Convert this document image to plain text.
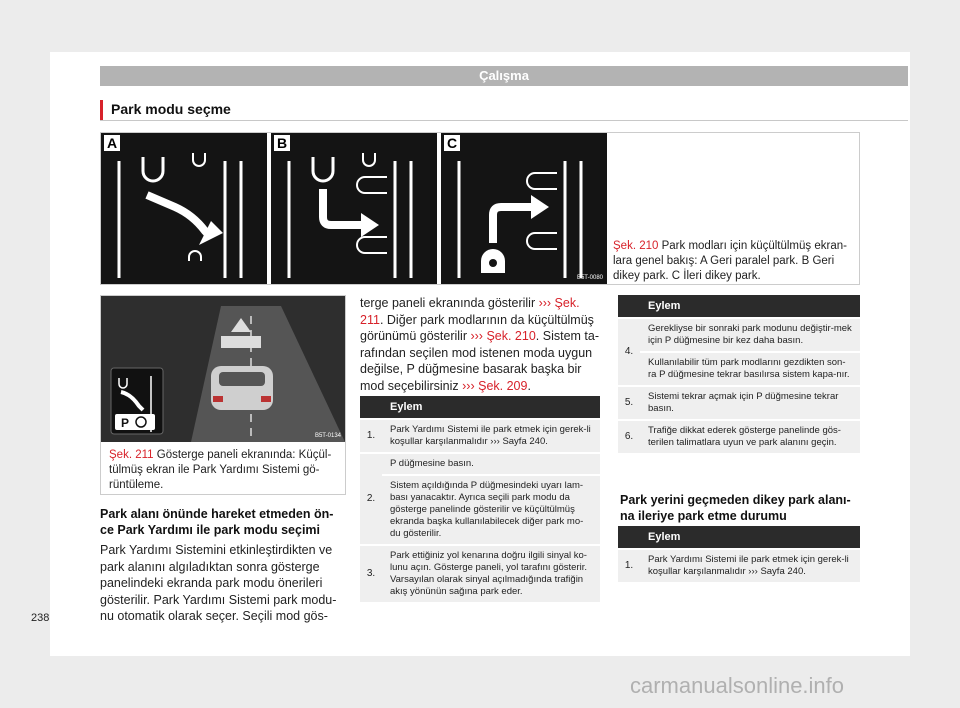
Çalışma
Park modu seçme
A	B	C
B5T-0080
Şek. 210 Park modları için küçültülmüş ekran-lara genel bakış: A Geri paralel park. B Geri dikey park. C İleri dikey park.
P
B5T-0134
Şek. 211 Gösterge paneli ekranında: Küçül-tülmüş ekran ile Park Yardımı Sistemi gö-rüntüleme.
Park alanı önünde hareket etmeden ön-ce Park Yardımı ile park modu seçimi
Park Yardımı Sistemini etkinleştirdikten ve park alanını algıladıktan sonra gösterge panelindeki ekranda park modu önerileri gösterilir. Park Yardımı Sistemi park modu-nu otomatik olarak seçer. Seçili mod gös-
terge paneli ekranında gösterilir ››› Şek. 211. Diğer park modlarının da küçültülmüş görünümü gösterilir ››› Şek. 210. Sistem ta-rafından seçilen mod istenen moda uygun değilse, P düğmesine basarak başka bir mod seçebilirsiniz ››› Şek. 209.
	Eylem
1.	Park Yardımı Sistemi ile park etmek için gerek-li koşullar karşılanmalıdır ››› Sayfa 240.
2.	P düğmesine basın.
	Sistem açıldığında P düğmesindeki uyarı lam-bası yanacaktır. Ayrıca seçili park modu da gösterge panelinde gösterilir ve küçültülmüş ekranda başka kullanılabilecek diğer park mo-du gösterilir.
3.	Park ettiğiniz yol kenarına doğru ilgili sinyal ko-lunu açın. Gösterge paneli, yol tarafını gösterir. Varsayılan olarak sinyal açılmadığında trafiğin akış yönünün sağına park eder.
	Eylem
4.	Gerekliyse bir sonraki park modunu değiştir-mek için P düğmesine bir kez daha basın.
	Kullanılabilir tüm park modlarını gezdikten son-ra P düğmesine tekrar basılırsa sistem kapa-nır.
5.	Sistemi tekrar açmak için P düğmesine tekrar basın.
6.	Trafiğe dikkat ederek gösterge panelinde gös-terilen talimatlara uyun ve park alanını geçin.
Park yerini geçmeden dikey park alanı-na ileriye park etme durumu
	Eylem
1.	Park Yardımı Sistemi ile park etmek için gerek-li koşullar karşılanmalıdır ››› Sayfa 240.
238
carmanualsonline.info
